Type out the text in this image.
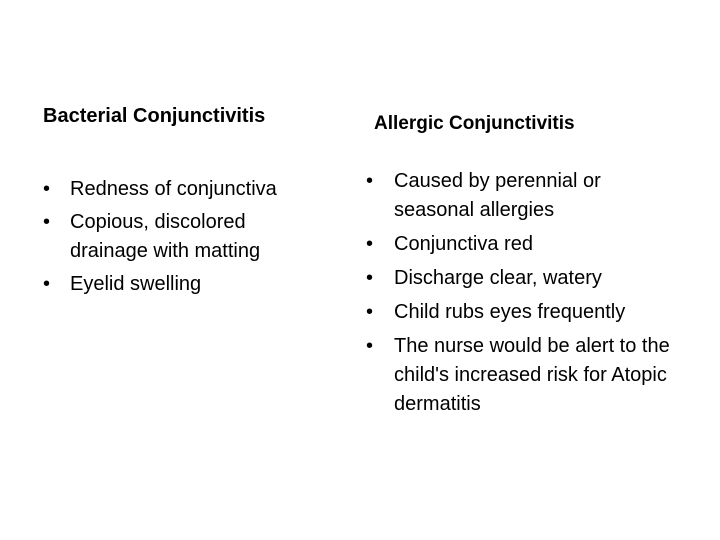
Bacterial Conjunctivitis
• Redness of conjunctiva
• Copious, discolored drainage with matting
• Eyelid swelling
Allergic Conjunctivitis
• Caused by perennial or seasonal allergies
• Conjunctiva red
• Discharge clear, watery
• Child rubs eyes frequently
• The nurse would be alert to the child's increased risk for Atopic dermatitis
